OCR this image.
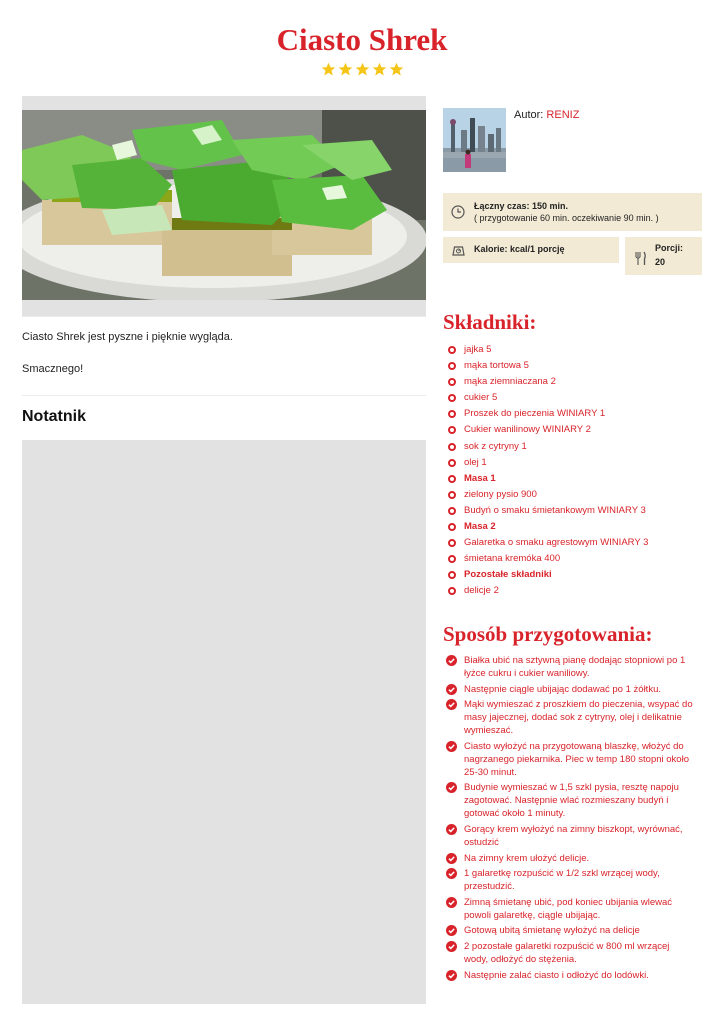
Ciasto Shrek

Ciasto Shrek jest pyszne i pięknie wygląda.

Smacznego!

Notatnik
Autor: RENIZ
Łączny czas: 150 min.
( przygotowanie 60 min. oczekiwanie 90 min. )
Kalorie: kcal/1 porcję	Porcji:
20
Składniki:
jajka 5
mąka tortowa 5
mąka ziemniaczana 2
cukier 5
Proszek do pieczenia WINIARY 1
Cukier wanilinowy WINIARY 2
sok z cytryny 1
olej 1
Masa 1
zielony pysio 900
Budyń o smaku śmietankowym WINIARY 3
Masa 2
Galaretka o smaku agrestowym WINIARY 3
śmietana kremóka 400
Pozostałe składniki
delicje 2
Sposób przygotowania:
Białka ubić na sztywną pianę dodając stopniowi po 1
łyżce cukru i cukier waniliowy.
Następnie ciągle ubijając dodawać po 1 żółtku.
Mąki wymieszać z proszkiem do pieczenia, wsypać do
masy jajecznej, dodać sok z cytryny, olej i delikatnie
wymieszać.
Ciasto wyłożyć na przygotowaną blaszkę, włożyć do
nagrzanego piekarnika. Piec w temp 180 stopni około
25-30 minut.
Budynie wymieszać w 1,5 szkl pysia, resztę napoju
zagotować. Następnie wlać rozmieszany budyń i
gotować około 1 minuty.
Gorący krem wyłożyć na zimny biszkopt, wyrównać,
ostudzić
Na zimny krem ułożyć delicje.
1 galaretkę rozpuścić w 1/2 szkl wrzącej wody,
przestudzić.
Zimną śmietanę ubić, pod koniec ubijania wlewać
powoli galaretkę, ciągle ubijając.
Gotową ubitą śmietanę wyłożyć na delicje
2 pozostałe galaretki rozpuścić w 800 ml wrzącej
wody, odłożyć do stężenia.
Następnie zalać ciasto i odłożyć do lodówki.
